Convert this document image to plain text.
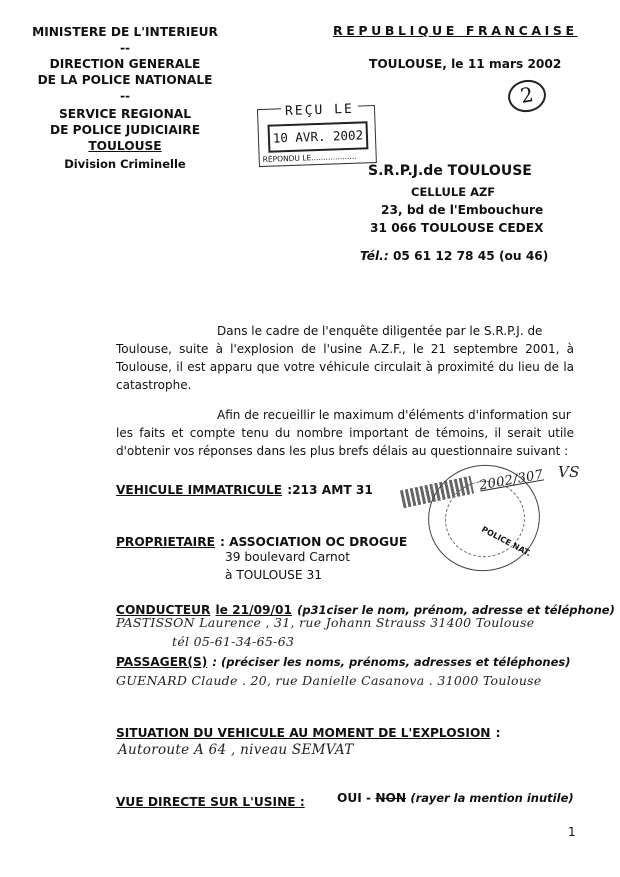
MINISTERE DE L'INTERIEUR
--
DIRECTION GENERALE
DE LA POLICE NATIONALE
--
SERVICE REGIONAL
DE POLICE JUDICIAIRE
TOULOUSE
Division Criminelle
REPUBLIQUE FRANCAISE
TOULOUSE, le 11 mars 2002
2
REÇU LE
10 AVR. 2002
RÉPONDU LE...................
S.R.P.J.de TOULOUSE
CELLULE AZF
23, bd de l'Embouchure
31 066 TOULOUSE CEDEX
Tél.: 05 61 12 78 45 (ou 46)
Dans le cadre de l'enquête diligentée par le S.R.P.J. de
Toulouse, suite à l'explosion de l'usine A.Z.F., le 21 septembre 2001, à Toulouse, il est apparu que votre véhicule circulait à proximité du lieu de la catastrophe.
Afin de recueillir le maximum d'éléments d'information sur
les faits et compte tenu du nombre important de témoins, il serait utile d'obtenir vos réponses dans les plus brefs délais au questionnaire suivant :
VEHICULE IMMATRICULE :213 AMT 31
POLICE NAT.
2002/307 VS
PROPRIETAIRE : ASSOCIATION OC DROGUE
39 boulevard Carnot
à TOULOUSE 31
CONDUCTEUR le 21/09/01 (p31ciser le nom, prénom, adresse et téléphone)
PASTISSON Laurence , 31, rue Johann Strauss 31400 Toulouse
tél 05-61-34-65-63
PASSAGER(S) : (préciser les noms, prénoms, adresses et téléphones)
GUENARD Claude . 20, rue Danielle Casanova . 31000 Toulouse
SITUATION DU VEHICULE AU MOMENT DE L'EXPLOSION :
Autoroute A 64 , niveau SEMVAT
VUE DIRECTE SUR L'USINE :	OUI - NON (rayer la mention inutile)
1
